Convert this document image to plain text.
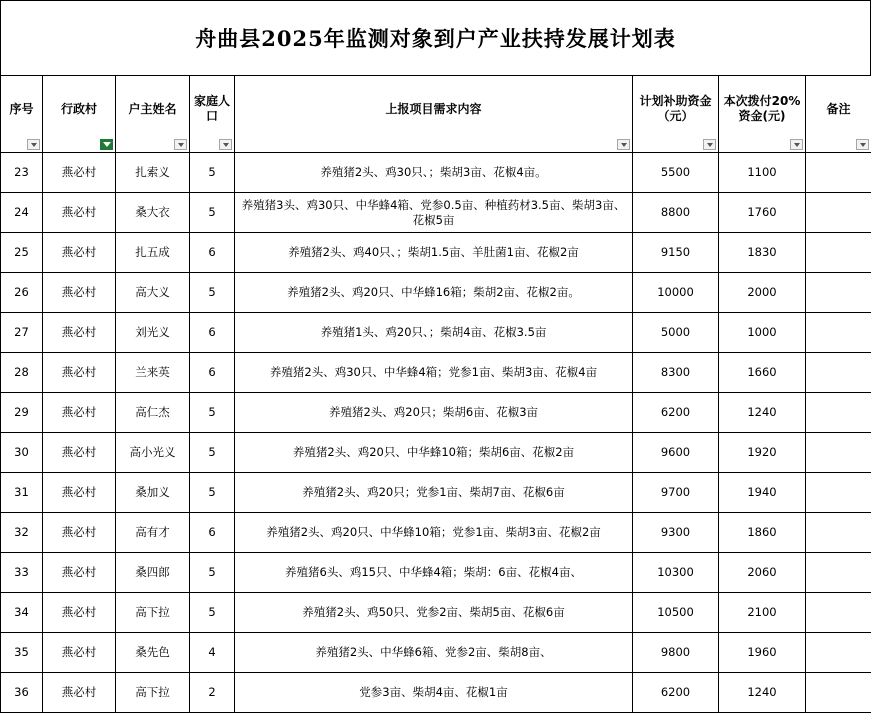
舟曲县2025年监测对象到户产业扶持发展计划表
序号	行政村	户主姓名	家庭人口	上报项目需求内容	计划补助资金（元）	本次拨付20%资金(元)	备注

23	燕必村	扎索义	5	养殖猪2头、鸡30只、；柴胡3亩、花椒4亩。	5500	1100	
24	燕必村	桑大衣	5	养殖猪3头、鸡30只、中华蜂4箱、党参0.5亩、种植药材3.5亩、柴胡3亩、花椒5亩	8800	1760	
25	燕必村	扎五成	6	养殖猪2头、鸡40只、；柴胡1.5亩、羊肚菌1亩、花椒2亩	9150	1830	
26	燕必村	高大义	5	养殖猪2头、鸡20只、中华蜂16箱；柴胡2亩、花椒2亩。	10000	2000	
27	燕必村	刘光义	6	养殖猪1头、鸡20只、；柴胡4亩、花椒3.5亩	5000	1000	
28	燕必村	兰来英	6	养殖猪2头、鸡30只、中华蜂4箱；党参1亩、柴胡3亩、花椒4亩	8300	1660	
29	燕必村	高仁杰	5	养殖猪2头、鸡20只；柴胡6亩、花椒3亩	6200	1240	
30	燕必村	高小光义	5	养殖猪2头、鸡20只、中华蜂10箱；柴胡6亩、花椒2亩	9600	1920	
31	燕必村	桑加义	5	养殖猪2头、鸡20只；党参1亩、柴胡7亩、花椒6亩	9700	1940	
32	燕必村	高有才	6	养殖猪2头、鸡20只、中华蜂10箱；党参1亩、柴胡3亩、花椒2亩	9300	1860	
33	燕必村	桑四郎	5	养殖猪6头、鸡15只、中华蜂4箱；柴胡：6亩、花椒4亩、	10300	2060	
34	燕必村	高下拉	5	养殖猪2头、鸡50只、党参2亩、柴胡5亩、花椒6亩	10500	2100	
35	燕必村	桑先色	4	养殖猪2头、中华蜂6箱、党参2亩、柴胡8亩、	9800	1960	
36	燕必村	高下拉	2	党参3亩、柴胡4亩、花椒1亩	6200	1240	
